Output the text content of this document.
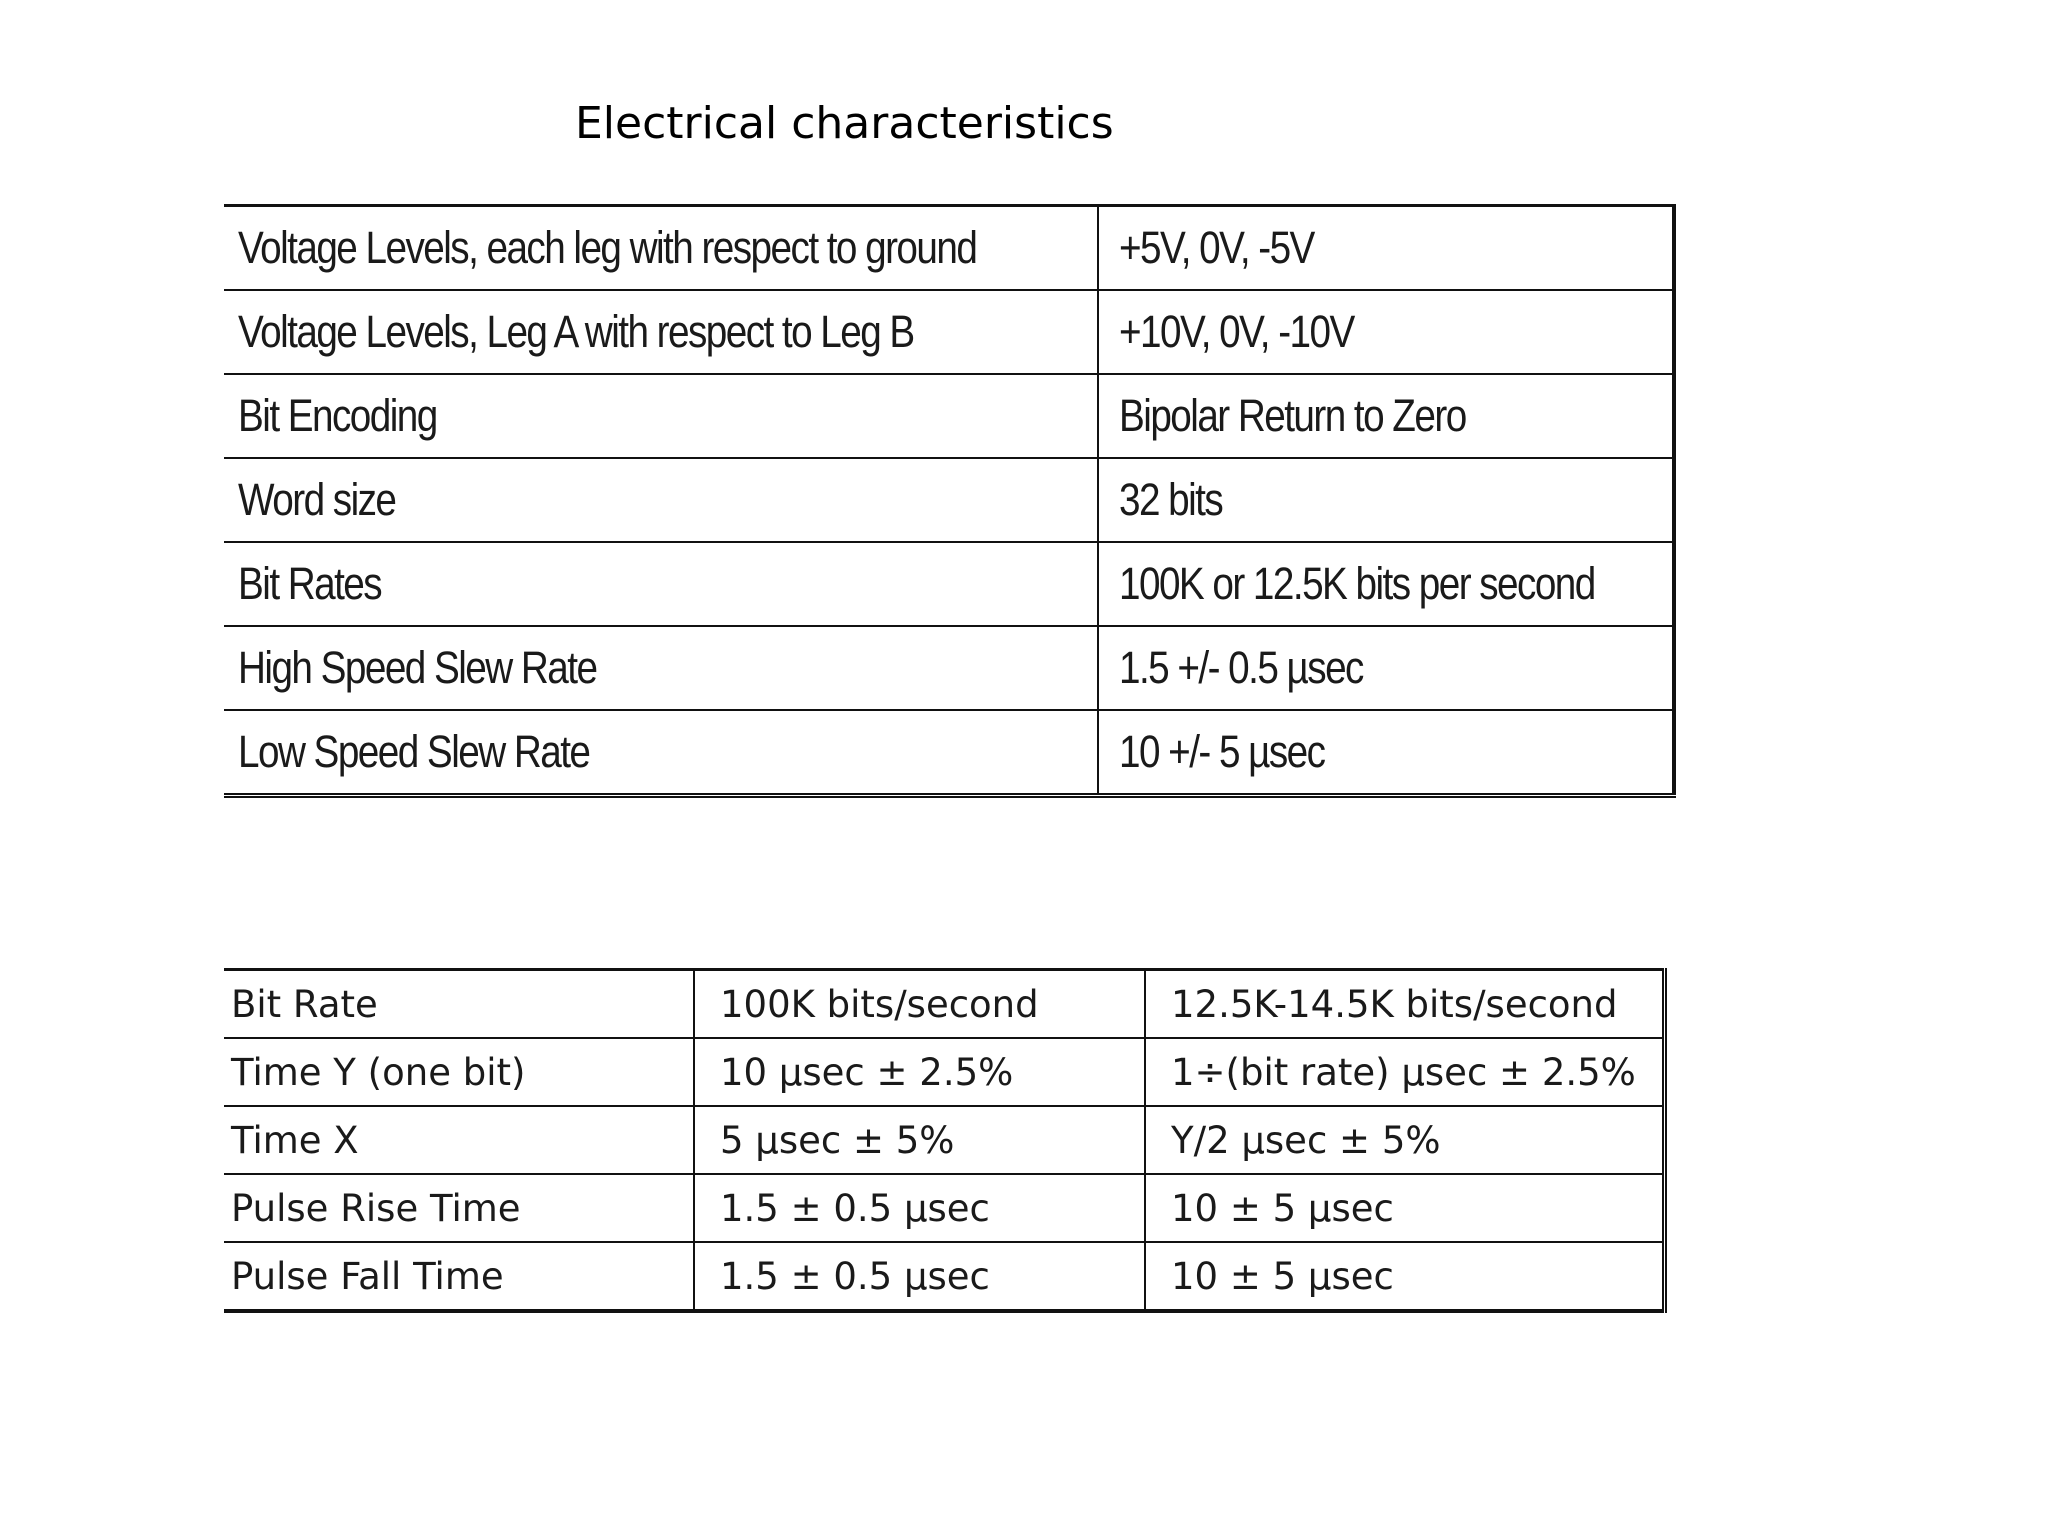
Electrical characteristics
Voltage Levels, each leg with respect to ground	+5V, 0V, -5V
Voltage Levels, Leg A with respect to Leg B	+10V, 0V, -10V
Bit Encoding	Bipolar Return to Zero
Word size	32 bits
Bit Rates	100K or 12.5K bits per second
High Speed Slew Rate	1.5 +/- 0.5 µsec
Low Speed Slew Rate	10 +/- 5 µsec
Bit Rate	100K bits/second	12.5K-14.5K bits/second
Time Y (one bit)	10 µsec ± 2.5%	1÷(bit rate) µsec ± 2.5%
Time X	5 µsec ± 5%	Y/2 µsec ± 5%
Pulse Rise Time	1.5 ± 0.5 µsec	10 ± 5 µsec
Pulse Fall Time	1.5 ± 0.5 µsec	10 ± 5 µsec
